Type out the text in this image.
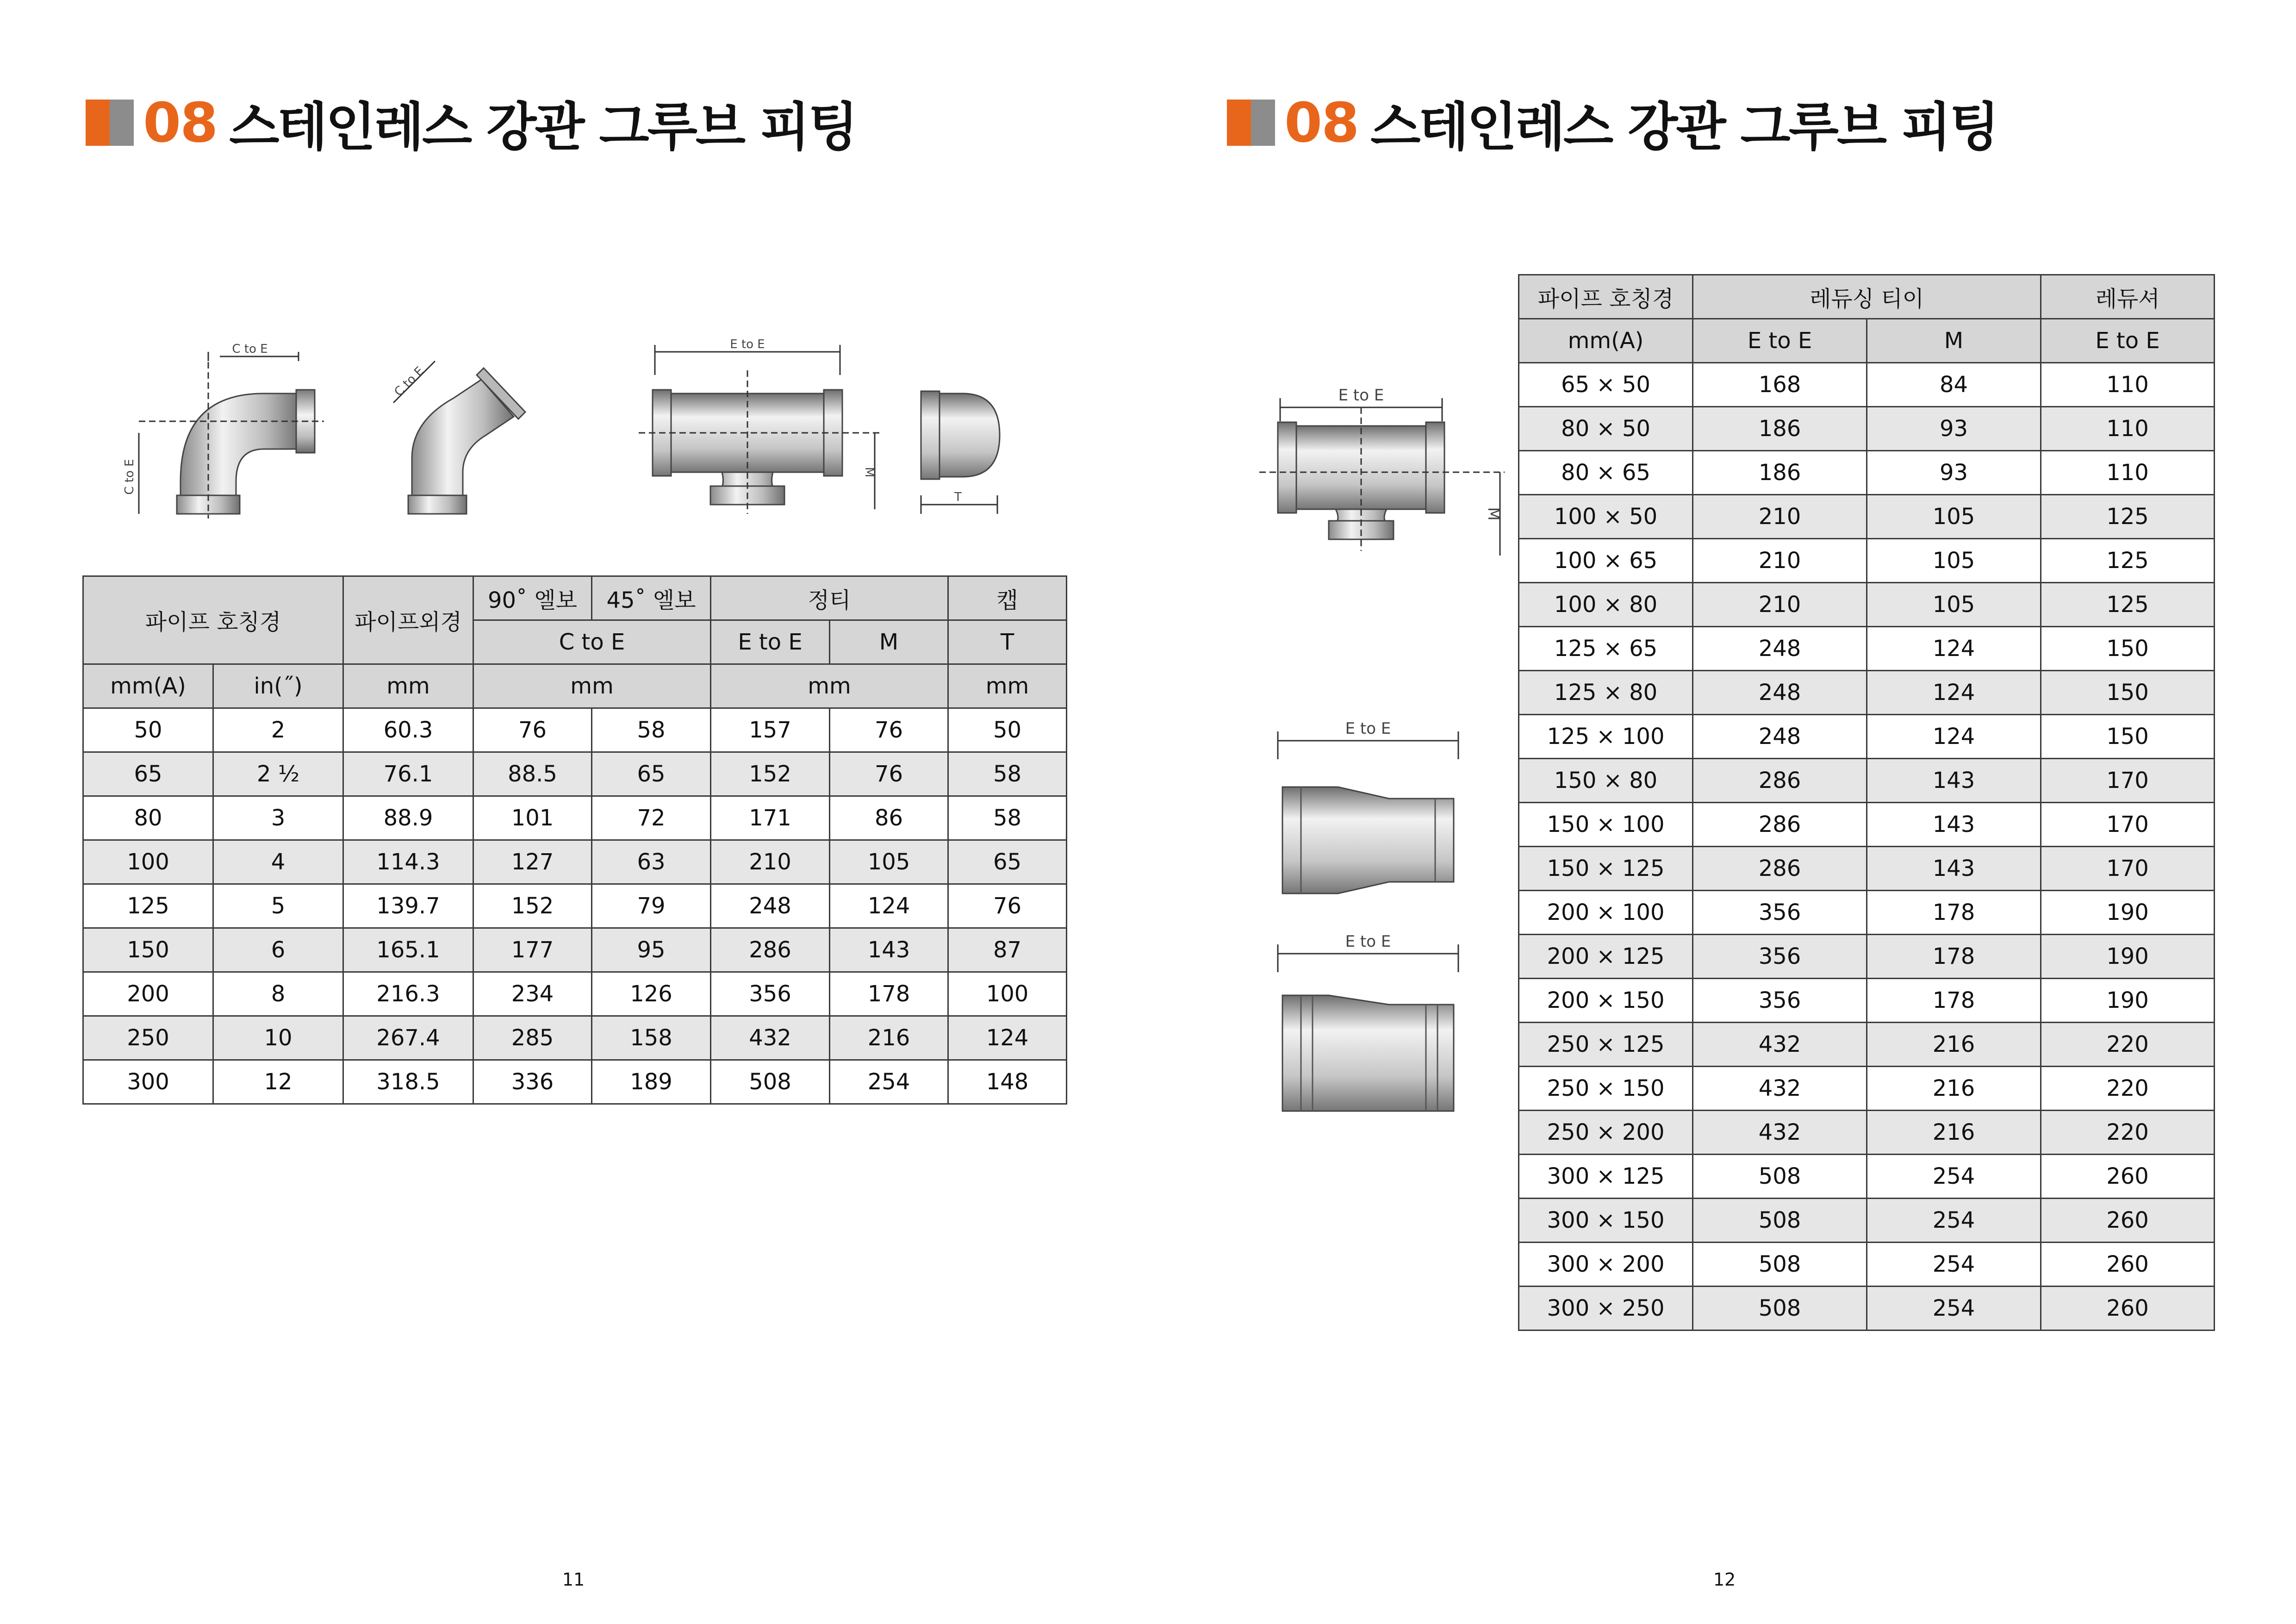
08 스테인레스 강관 그루브 피팅
C to E
C to E
C to E
E to E
M
T
파이프 호칭경		파이프외경	90˚ 엘보	45˚ 엘보	정티		캡
			C to E		E to E	M	T
mm(A)	in(˝)	mm	mm		mm		mm
50	2	60.3	76	58	157	76	50
65	2 ½	76.1	88.5	65	152	76	58
80	3	88.9	101	72	171	86	58
100	4	114.3	127	63	210	105	65
125	5	139.7	152	79	248	124	76
150	6	165.1	177	95	286	143	87
200	8	216.3	234	126	356	178	100
250	10	267.4	285	158	432	216	124
300	12	318.5	336	189	508	254	148
11
08 스테인레스 강관 그루브 피팅
E to E
M
E to E
E to E
파이프 호칭경	레듀싱 티이		레듀셔
mm(A)	E to E	M	E to E
65 × 50	168	84	110
80 × 50	186	93	110
80 × 65	186	93	110
100 × 50	210	105	125
100 × 65	210	105	125
100 × 80	210	105	125
125 × 65	248	124	150
125 × 80	248	124	150
125 × 100	248	124	150
150 × 80	286	143	170
150 × 100	286	143	170
150 × 125	286	143	170
200 × 100	356	178	190
200 × 125	356	178	190
200 × 150	356	178	190
250 × 125	432	216	220
250 × 150	432	216	220
250 × 200	432	216	220
300 × 125	508	254	260
300 × 150	508	254	260
300 × 200	508	254	260
300 × 250	508	254	260
12
